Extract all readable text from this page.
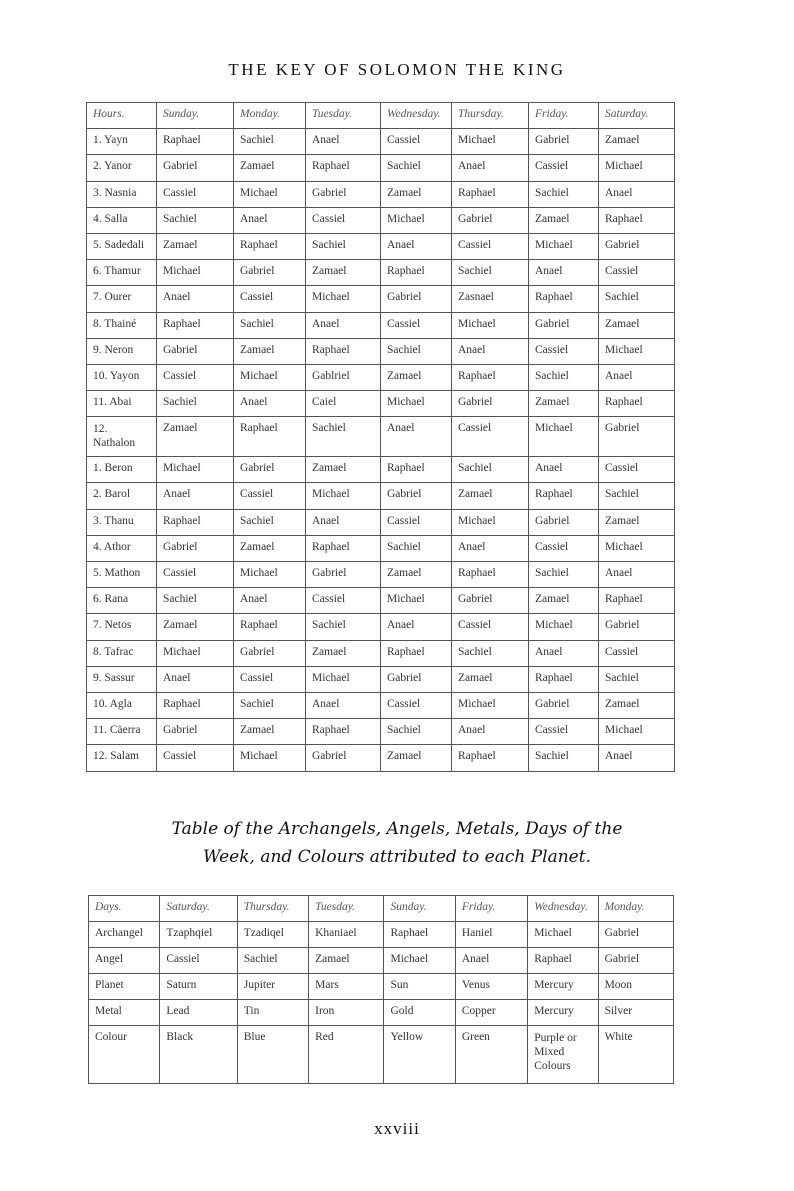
THE KEY OF SOLOMON THE KING
Hours.	Sunday.	Monday.	Tuesday.	Wednesday.	Thursday.	Friday.	Saturday.
1. Yayn	Raphael	Sachiel	Anael	Cassiel	Michael	Gabriel	Zamael
2. Yanor	Gabriel	Zamael	Raphael	Sachiel	Anael	Cassiel	Michael
3. Nasnia	Cassiel	Michael	Gabriel	Zamael	Raphael	Sachiel	Anael
4. Salla	Sachiel	Anael	Cassiel	Michael	Gabriel	Zamael	Raphael
5. Sadedali	Zamael	Raphael	Sachiel	Anael	Cassiel	Michael	Gabriel
6. Thamur	Michael	Gabriel	Zamael	Raphael	Sachiel	Anael	Cassiel
7. Ourer	Anael	Cassiel	Michael	Gabriel	Zasnael	Raphael	Sachiel
8. Thainé	Raphael	Sachiel	Anael	Cassiel	Michael	Gabriel	Zamael
9. Neron	Gabriel	Zamael	Raphael	Sachiel	Anael	Cassiel	Michael
10. Yayon	Cassiel	Michael	Gablriel	Zamael	Raphael	Sachiel	Anael
11. Abai	Sachiel	Anael	Caiel	Michael	Gabriel	Zamael	Raphael
12. Nathalon	Zamael	Raphael	Sachiel	Anael	Cassiel	Michael	Gabriel
1. Beron	Michael	Gabriel	Zamael	Raphael	Sachiel	Anael	Cassiel
2. Barol	Anael	Cassiel	Michael	Gabriel	Zamael	Raphael	Sachiel
3. Thanu	Raphael	Sachiel	Anael	Cassiel	Michael	Gabriel	Zamael
4. Athor	Gabriel	Zamael	Raphael	Sachiel	Anael	Cassiel	Michael
5. Mathon	Cassiel	Michael	Gabriel	Zamael	Raphael	Sachiel	Anael
6. Rana	Sachiel	Anael	Cassiel	Michael	Gabriel	Zamael	Raphael
7. Netos	Zamael	Raphael	Sachiel	Anael	Cassiel	Michael	Gabriel
8. Tafrac	Michael	Gabriel	Zamael	Raphael	Sachiel	Anael	Cassiel
9. Sassur	Anael	Cassiel	Michael	Gabriel	Zamael	Raphael	Sachiel
10. Agla	Raphael	Sachiel	Anael	Cassiel	Michael	Gabriel	Zamael
11. Cäerra	Gabriel	Zamael	Raphael	Sachiel	Anael	Cassiel	Michael
12. Salam	Cassiel	Michael	Gabriel	Zamael	Raphael	Sachiel	Anael
Table of the Archangels, Angels, Metals, Days of the
Week, and Colours attributed to each Planet.
Days.	Saturday.	Thursday.	Tuesday.	Sunday.	Friday.	Wednesday.	Monday.
Archangel	Tzaphqiel	Tzadiqel	Khaniael	Raphael	Haniel	Michael	Gabriel
Angel	Cassiel	Sachiel	Zamael	Michael	Anael	Raphael	Gabriel
Planet	Saturn	Jupiter	Mars	Sun	Venus	Mercury	Moon
Metal	Lead	Tin	Iron	Gold	Copper	Mercury	Silver
Colour	Black	Blue	Red	Yellow	Green	Purple or Mixed Colours	White
xxviii
